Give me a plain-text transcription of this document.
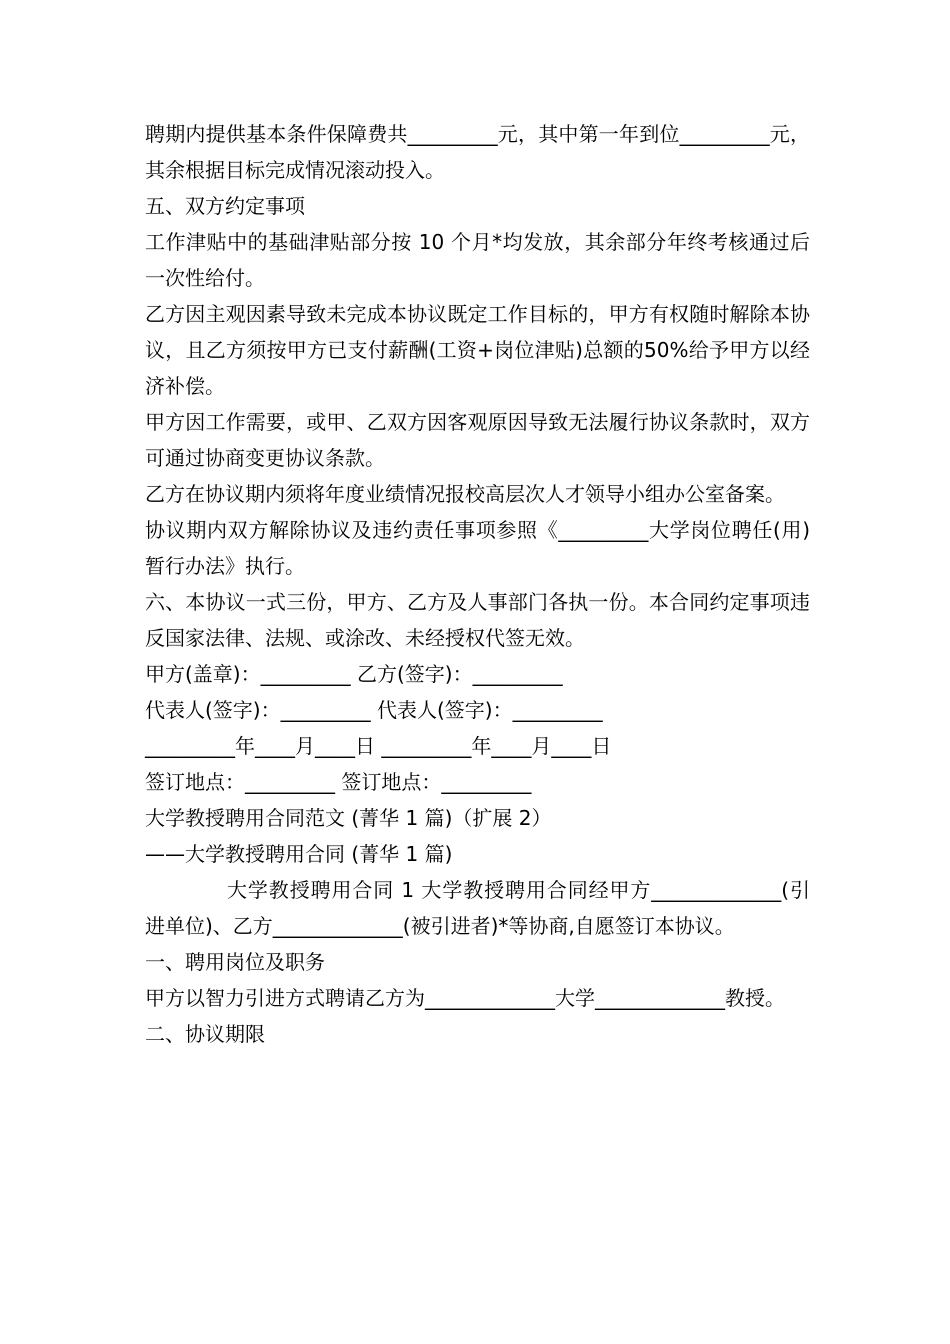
聘期内提供基本条件保障费共_________元，其中第一年到位_________元，其余根据目标完成情况滚动投入。

五、双方约定事项

工作津贴中的基础津贴部分按 10 个月*均发放，其余部分年终考核通过后一次性给付。

乙方因主观因素导致未完成本协议既定工作目标的，甲方有权随时解除本协议，且乙方须按甲方已支付薪酬(工资+岗位津贴)总额的50%给予甲方以经济补偿。

甲方因工作需要，或甲、乙双方因客观原因导致无法履行协议条款时，双方可通过协商变更协议条款。

乙方在协议期内须将年度业绩情况报校高层次人才领导小组办公室备案。

协议期内双方解除协议及违约责任事项参照《_________大学岗位聘任(用)暂行办法》执行。

六、本协议一式三份，甲方、乙方及人事部门各执一份。本合同约定事项违反国家法律、法规、或涂改、未经授权代签无效。

甲方(盖章)：_________ 乙方(签字)：_________

代表人(签字)：_________ 代表人(签字)：_________

_________年____月____日 _________年____月____日

签订地点：_________ 签订地点：_________

大学教授聘用合同范文 (菁华 1 篇)（扩展 2）

——大学教授聘用合同 (菁华 1 篇)

大学教授聘用合同 1 大学教授聘用合同经甲方_____________(引进单位)、乙方_____________(被引进者)*等协商,自愿签订本协议。

一、聘用岗位及职务

甲方以智力引进方式聘请乙方为_____________大学_____________教授。

二、协议期限
